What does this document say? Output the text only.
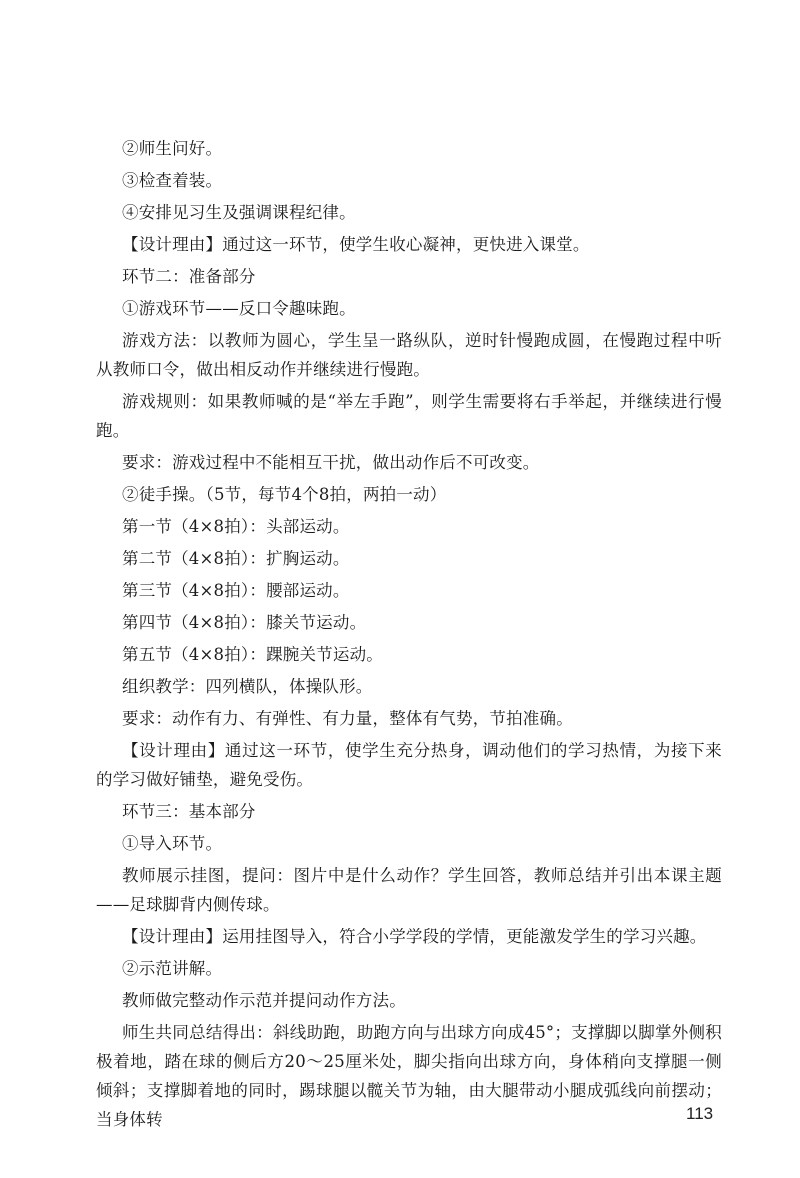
②师生问好。

③检查着装。

④安排见习生及强调课程纪律。

【设计理由】通过这一环节，使学生收心凝神，更快进入课堂。

环节二：准备部分

①游戏环节——反口令趣味跑。

游戏方法：以教师为圆心，学生呈一路纵队，逆时针慢跑成圆，在慢跑过程中听从教师口令，做出相反动作并继续进行慢跑。

游戏规则：如果教师喊的是“举左手跑”，则学生需要将右手举起，并继续进行慢跑。

要求：游戏过程中不能相互干扰，做出动作后不可改变。

②徒手操。（5节，每节4个8拍，两拍一动）

第一节（4×8拍）：头部运动。

第二节（4×8拍）：扩胸运动。

第三节（4×8拍）：腰部运动。

第四节（4×8拍）：膝关节运动。

第五节（4×8拍）：踝腕关节运动。

组织教学：四列横队，体操队形。

要求：动作有力、有弹性、有力量，整体有气势，节拍准确。

【设计理由】通过这一环节，使学生充分热身，调动他们的学习热情，为接下来的学习做好铺垫，避免受伤。

环节三：基本部分

①导入环节。

教师展示挂图，提问：图片中是什么动作？学生回答，教师总结并引出本课主题——足球脚背内侧传球。

【设计理由】运用挂图导入，符合小学学段的学情，更能激发学生的学习兴趣。

②示范讲解。

教师做完整动作示范并提问动作方法。

师生共同总结得出：斜线助跑，助跑方向与出球方向成45°；支撑脚以脚掌外侧积极着地，踏在球的侧后方20～25厘米处，脚尖指向出球方向，身体稍向支撑腿一侧倾斜；支撑脚着地的同时，踢球腿以髋关节为轴，由大腿带动小腿成弧线向前摆动；当身体转	113
